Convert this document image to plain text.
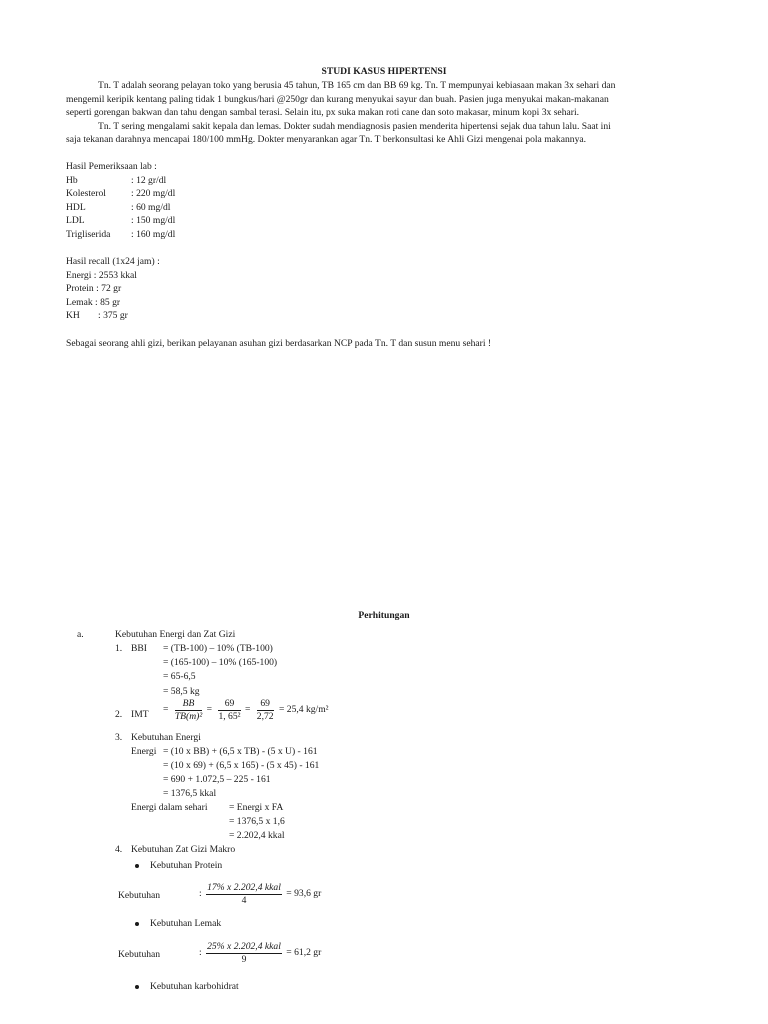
STUDI KASUS HIPERTENSI
Tn. T adalah seorang pelayan toko yang berusia 45 tahun, TB 165 cm dan BB 69 kg. Tn. T mempunyai kebiasaan makan 3x sehari dan
mengemil keripik kentang paling tidak 1 bungkus/hari @250gr dan kurang menyukai sayur dan buah. Pasien juga menyukai makan-makanan
seperti gorengan bakwan dan tahu dengan sambal terasi. Selain itu, px suka makan roti cane dan soto makasar, minum kopi 3x sehari.
Tn. T sering mengalami sakit kepala dan lemas. Dokter sudah mendiagnosis pasien menderita hipertensi sejak dua tahun lalu. Saat ini
saja tekanan darahnya mencapai 180/100 mmHg. Dokter menyarankan agar Tn. T berkonsultasi ke Ahli Gizi mengenai pola makannya.
Hasil Pemeriksaan lab :
Hb	: 12 gr/dl
Kolesterol	: 220 mg/dl
HDL	: 60 mg/dl
LDL	: 150 mg/dl
Trigliserida : 160 mg/dl
Hasil recall (1x24 jam) :
Energi : 2553 kkal
Protein : 72 gr
Lemak : 85 gr
KH : 375 gr
Sebagai seorang ahli gizi, berikan pelayanan asuhan gizi berdasarkan NCP pada Tn. T dan susun menu sehari !
Perhitungan
a.	Kebutuhan Energi dan Zat Gizi
1. BBI = (TB-100) – 10% (TB-100)
= (165-100) – 10% (165-100)
= 65-6,5
= 58,5 kg
2. IMT = $\frac{BB}{\text{TB(m)²}} = \frac{69}{\text{1, 65²}} = \frac{69}{2,72} = 25,4$ kg/m²
3. Kebutuhan Energi
Energi = (10 x BB) + (6,5 x TB) - (5 x U) - 161
= (10 x 69) + (6,5 x 165) - (5 x 45) - 161
= 690 + 1.072,5 – 225 - 161
= 1376,5 kkal
Energi dalam sehari = Energi x FA
= 1376,5 x 1,6
= 2.202,4 kkal
4. Kebutuhan Zat Gizi Makro
Kebutuhan Protein
Kebutuhan	: $\frac{\text{17\% x 2.202,4 kkal}}{4} = 93,6$ gr
Kebutuhan Lemak
Kebutuhan	: $\frac{\text{25\% x 2.202,4 kkal}}{9} = 61,2$ gr
Kebutuhan karbohidrat
